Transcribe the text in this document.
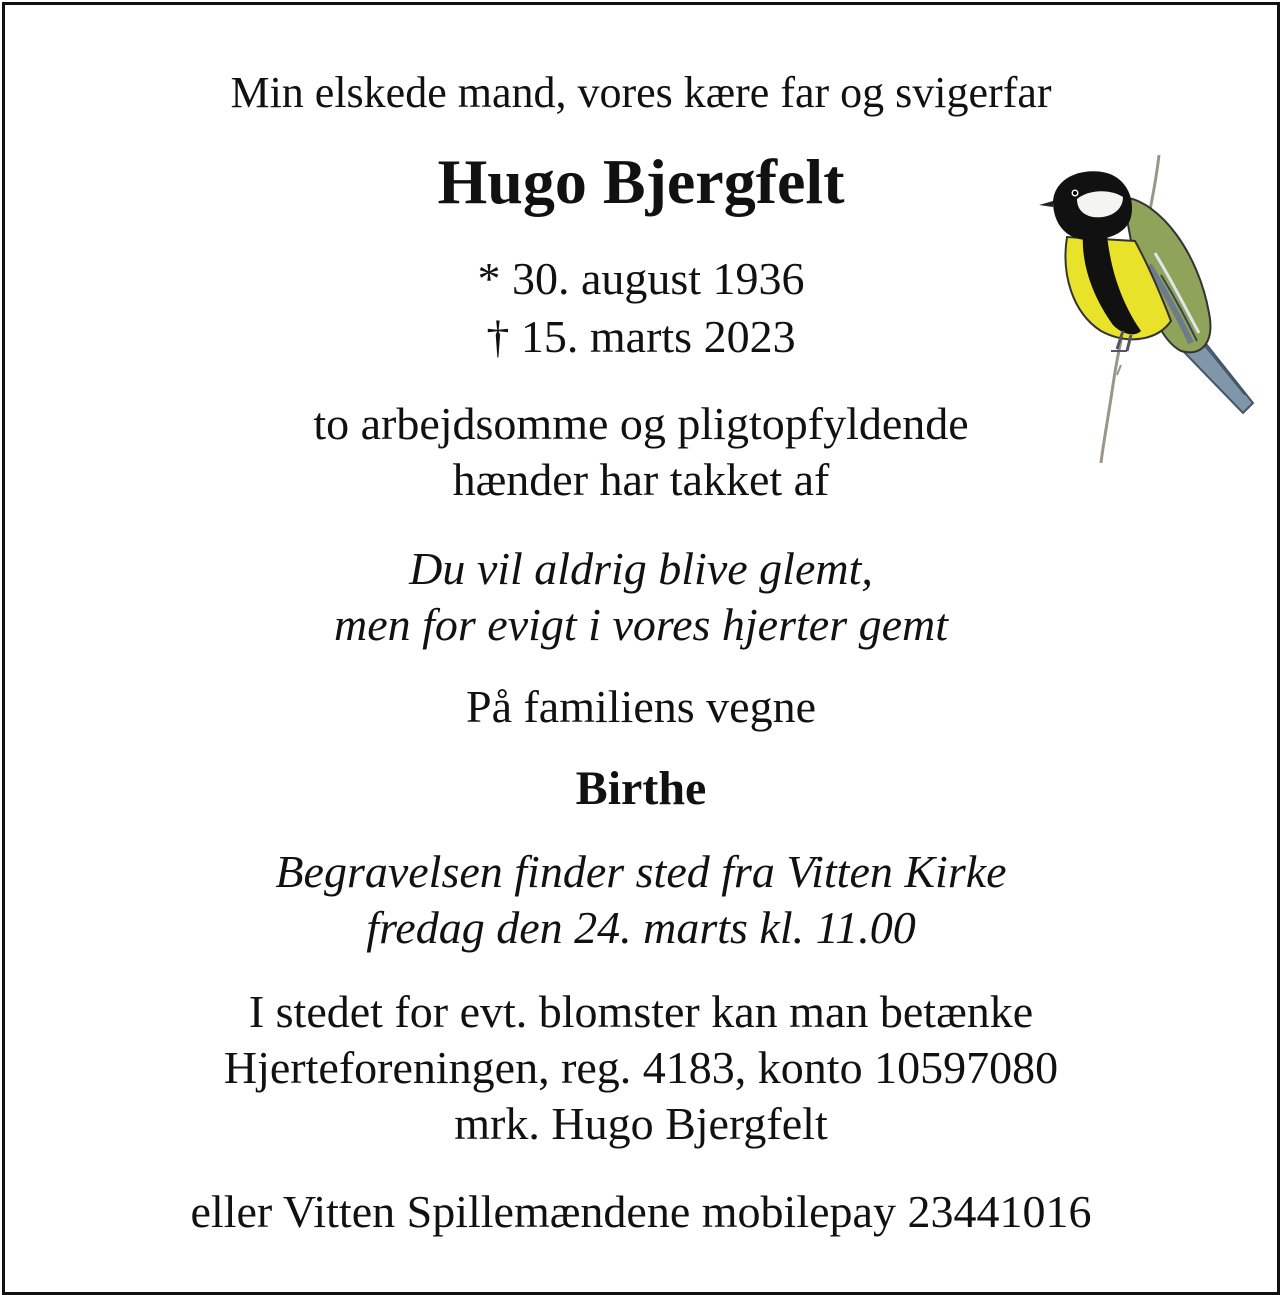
Min elskede mand, vores kære far og svigerfar
Hugo Bjergfelt
* 30. august 1936
† 15. marts 2023
to arbejdsomme og pligtopfyldende
hænder har takket af
Du vil aldrig blive glemt,
men for evigt i vores hjerter gemt
På familiens vegne
Birthe
Begravelsen finder sted fra Vitten Kirke
fredag den 24. marts kl. 11.00
I stedet for evt. blomster kan man betænke
Hjerteforeningen, reg. 4183, konto 10597080
mrk. Hugo Bjergfelt
eller Vitten Spillemændene mobilepay 23441016
